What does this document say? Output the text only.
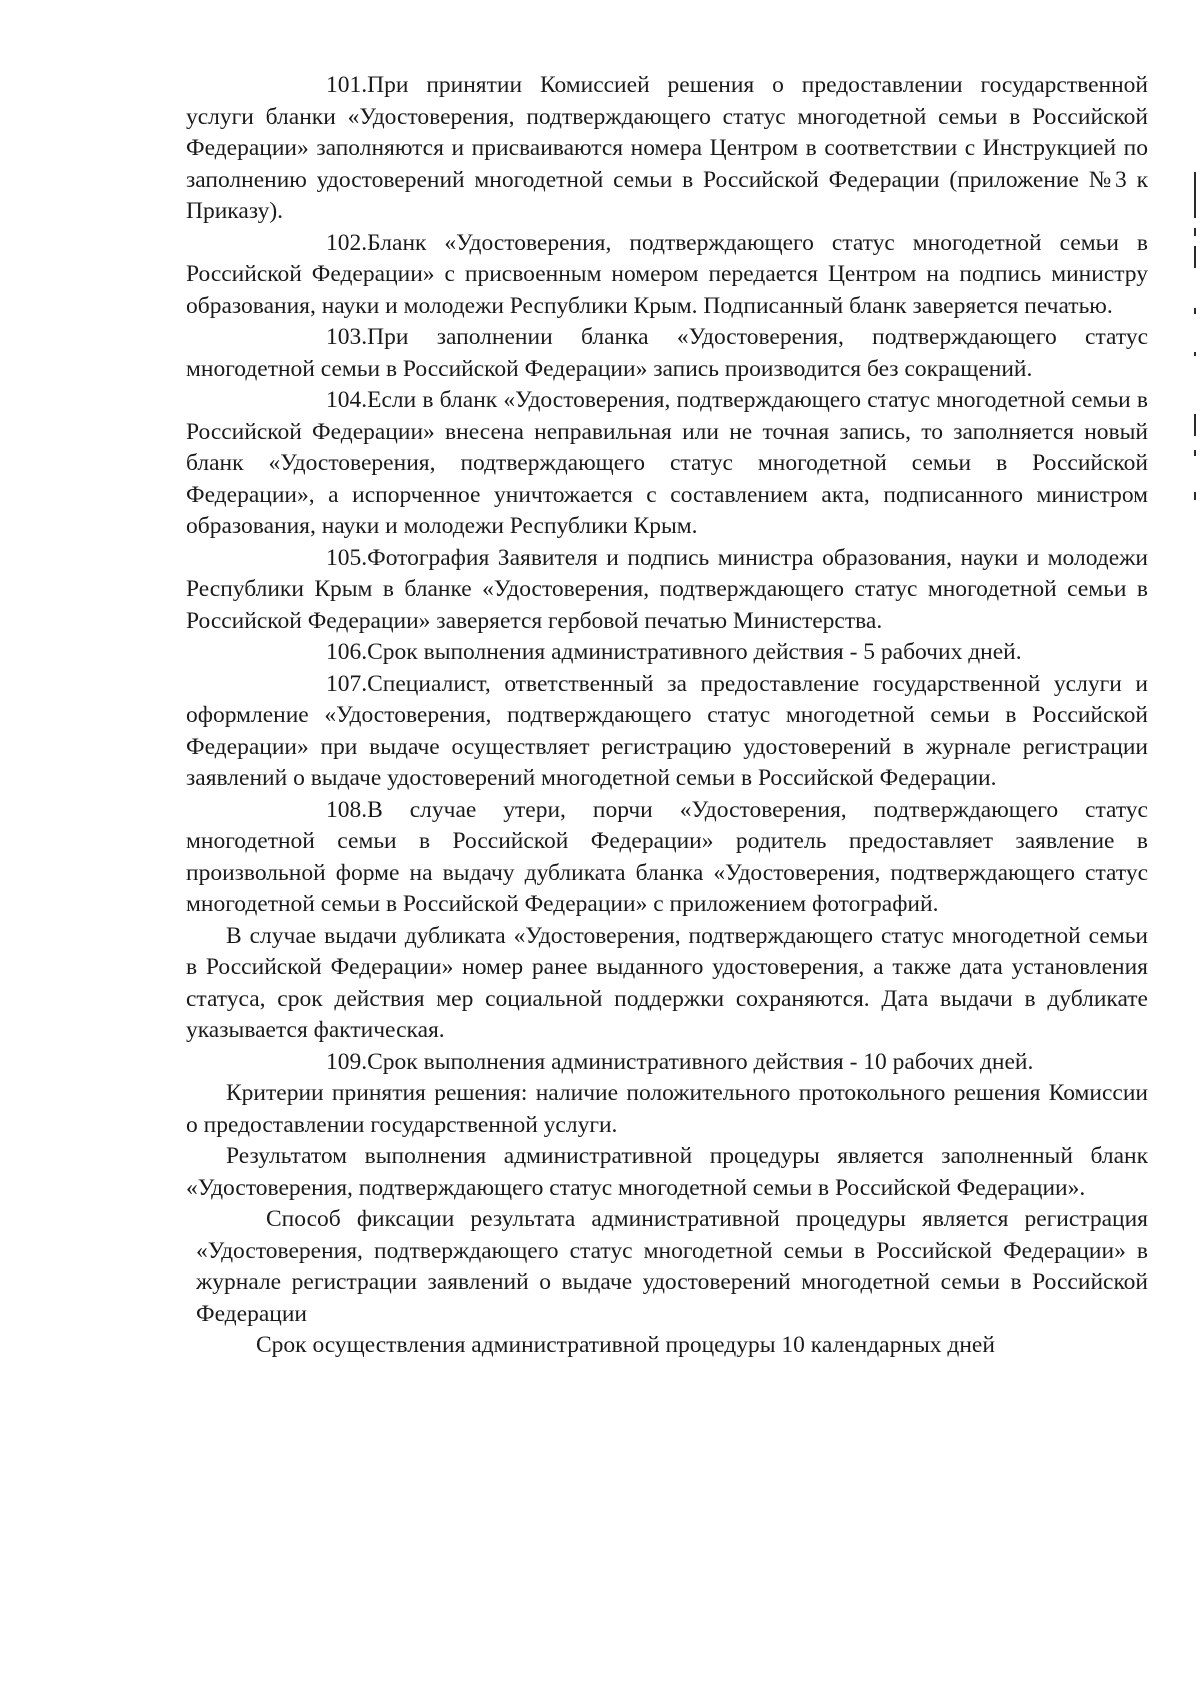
101.При принятии Комиссией решения о предоставлении государственной услуги бланки «Удостоверения, подтверждающего статус многодетной семьи в Российской Федерации» заполняются и присваиваются номера Центром в соответствии с Инструкцией по заполнению удостоверений многодетной семьи в Российской Федерации (приложение №3 к Приказу).

102.Бланк «Удостоверения, подтверждающего статус многодетной семьи в Российской Федерации» с присвоенным номером передается Центром на подпись министру образования, науки и молодежи Республики Крым. Подписанный бланк заверяется печатью.

103.При заполнении бланка «Удостоверения, подтверждающего статус многодетной семьи в Российской Федерации» запись производится без сокращений.

104.Если в бланк «Удостоверения, подтверждающего статус многодетной семьи в Российской Федерации» внесена неправильная или не точная запись, то заполняется новый бланк «Удостоверения, подтверждающего статус многодетной семьи в Российской Федерации», а испорченное уничтожается с составлением акта, подписанного министром образования, науки и молодежи Республики Крым.

105.Фотография Заявителя и подпись министра образования, науки и молодежи Республики Крым в бланке «Удостоверения, подтверждающего статус многодетной семьи в Российской Федерации» заверяется гербовой печатью Министерства.

106.Срок выполнения административного действия - 5 рабочих дней.

107.Специалист, ответственный за предоставление государственной услуги и оформление «Удостоверения, подтверждающего статус многодетной семьи в Российской Федерации» при выдаче осуществляет регистрацию удостоверений в журнале регистрации заявлений о выдаче удостоверений многодетной семьи в Российской Федерации.

108.В случае утери, порчи «Удостоверения, подтверждающего статус многодетной семьи в Российской Федерации» родитель предоставляет заявление в произвольной форме на выдачу дубликата бланка «Удостоверения, подтверждающего статус многодетной семьи в Российской Федерации» с приложением фотографий.

В случае выдачи дубликата «Удостоверения, подтверждающего статус многодетной семьи в Российской Федерации» номер ранее выданного удостоверения, а также дата установления статуса, срок действия мер социальной поддержки сохраняются. Дата выдачи в дубликате указывается фактическая.

109.Срок выполнения административного действия - 10 рабочих дней.

Критерии принятия решения: наличие положительного протокольного решения Комиссии о предоставлении государственной услуги.

Результатом выполнения административной процедуры является заполненный бланк «Удостоверения, подтверждающего статус многодетной семьи в Российской Федерации».

Способ фиксации результата административной процедуры является регистрация «Удостоверения, подтверждающего статус многодетной семьи в Российской Федерации» в журнале регистрации заявлений о выдаче удостоверений многодетной семьи в Российской Федерации

Срок осуществления административной процедуры 10 календарных дней
